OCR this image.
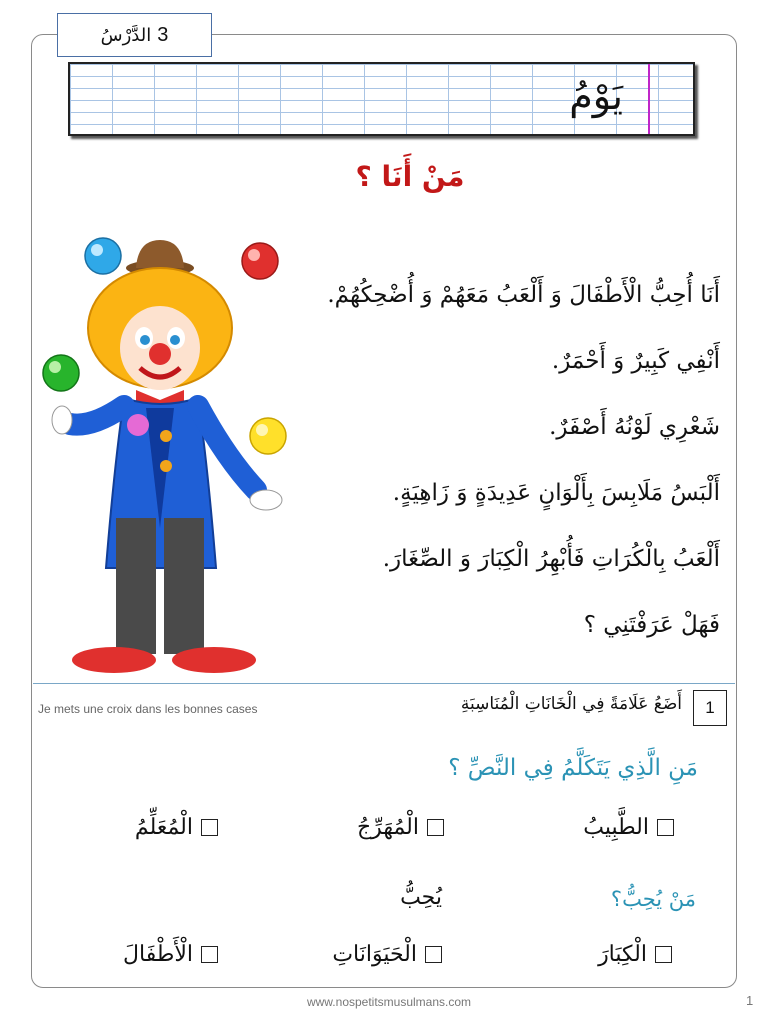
الدَّرْسُ 3
يَوْمُ
مَنْ أَنَا ؟
أَنَا أُحِبُّ الْأَطْفَالَ وَ أَلْعَبُ مَعَهُمْ وَ أُضْحِكُهُمْ.
أَنْفِي كَبِيرٌ وَ أَحْمَرٌ.
شَعْرِي لَوْنُهُ أَصْفَرٌ.
أَلْبَسُ مَلَابِسَ بِأَلْوَانٍ عَدِيدَةٍ وَ زَاهِيَةٍ.
أَلْعَبُ بِالْكُرَاتِ فَأُبْهِرُ الْكِبَارَ وَ الصِّغَارَ.
فَهَلْ عَرَفْتَنِي ؟
Je mets une croix dans les bonnes cases	1
أَضَعُ عَلَامَةً فِي الْخَانَاتِ الْمُنَاسِبَةِ
مَنِ الَّذِي يَتَكَلَّمُ فِي النَّصِّ ؟
الطَّبِيبُ
الْمُهَرِّجُ
الْمُعَلِّمُ
مَنْ يُحِبُّ؟
يُحِبُّ
الْكِبَارَ
الْحَيَوَانَاتِ
الْأَطْفَالَ
www.nospetitsmusulmans.com	1
